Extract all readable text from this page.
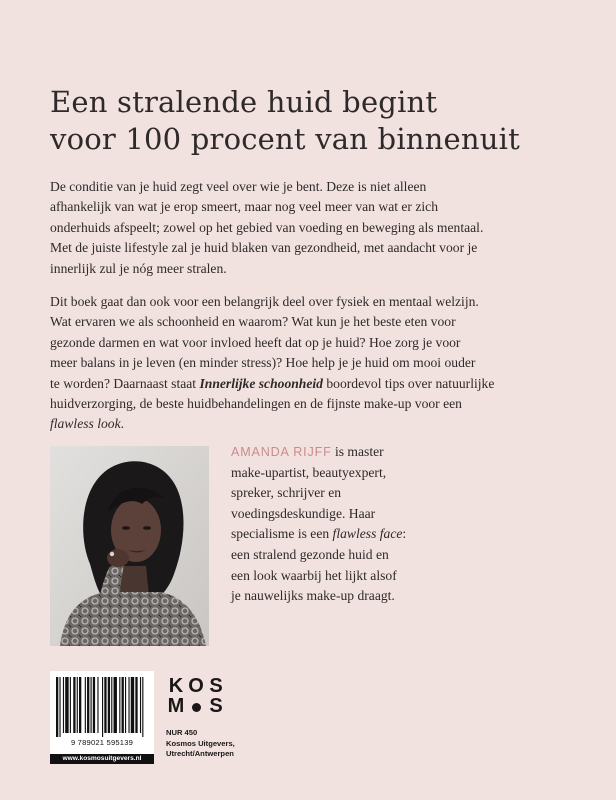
Een stralende huid begint
voor 100 procent van binnenuit

De conditie van je huid zegt veel over wie je bent. Deze is niet alleen
afhankelijk van wat je erop smeert, maar nog veel meer van wat er zich
onderhuids afspeelt; zowel op het gebied van voeding en beweging als mentaal.
Met de juiste lifestyle zal je huid blaken van gezondheid, met aandacht voor je
innerlijk zul je nóg meer stralen.

Dit boek gaat dan ook voor een belangrijk deel over fysiek en mentaal welzijn.
Wat ervaren we als schoonheid en waarom? Wat kun je het beste eten voor
gezonde darmen en wat voor invloed heeft dat op je huid? Hoe zorg je voor
meer balans in je leven (en minder stress)? Hoe help je je huid om mooi ouder
te worden? Daarnaast staat Innerlijke schoonheid boordevol tips over natuurlijke
huidverzorging, de beste huidbehandelingen en de fijnste make-up voor een
flawless look.

AMANDA RIJFF is master
make-upartist, beautyexpert,
spreker, schrijver en
voedingsdeskundige. Haar
specialisme is een flawless face:
een stralend gezonde huid en
een look waarbij het lijkt alsof
je nauwelijks make-up draagt.

9 789021 595139
www.kosmosuitgevers.nl
K O S
M S
NUR 450
Kosmos Uitgevers,
Utrecht/Antwerpen
